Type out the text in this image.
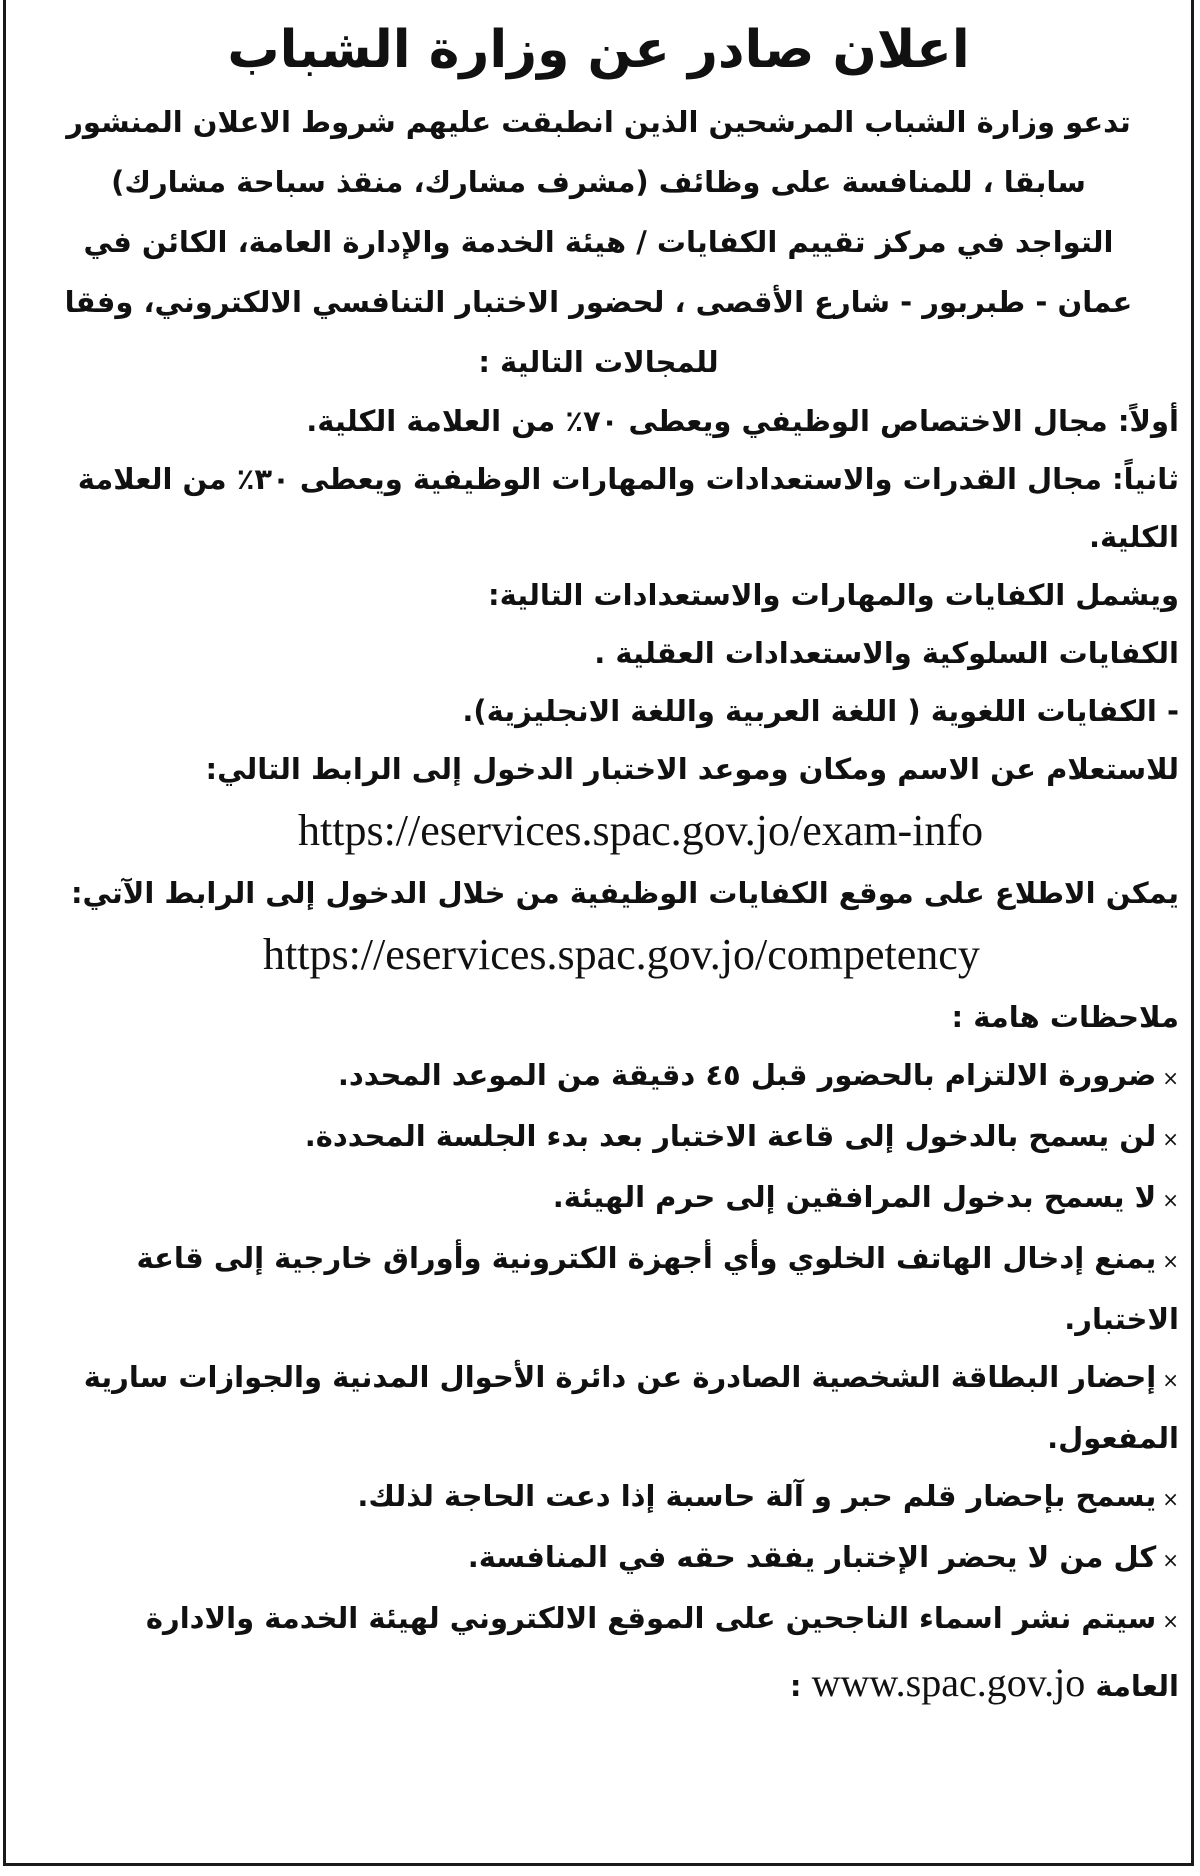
اعلان صادر عن وزارة الشباب
تدعو وزارة الشباب المرشحين الذين انطبقت عليهم شروط الاعلان المنشور
سابقا ، للمنافسة على وظائف (مشرف مشارك، منقذ سباحة مشارك)
التواجد في مركز تقييم الكفايات / هيئة الخدمة والإدارة العامة، الكائن في
عمان - طبربور - شارع الأقصى ، لحضور الاختبار التنافسي الالكتروني، وفقا
للمجالات التالية :

أولاً: مجال الاختصاص الوظيفي ويعطى ٧٠٪ من العلامة الكلية.

ثانياً: مجال القدرات والاستعدادات والمهارات الوظيفية ويعطى ٣٠٪ من العلامة الكلية.

ويشمل الكفايات والمهارات والاستعدادات التالية:

الكفايات السلوكية والاستعدادات العقلية .

- الكفايات اللغوية ( اللغة العربية واللغة الانجليزية).

للاستعلام عن الاسم ومكان وموعد الاختبار الدخول إلى الرابط التالي:

https://eservices.spac.gov.jo/exam-info

يمكن الاطلاع على موقع الكفايات الوظيفية من خلال الدخول إلى الرابط الآتي:

https://eservices.spac.gov.jo/competency

ملاحظات هامة :

×ضرورة الالتزام بالحضور قبل ٤٥ دقيقة من الموعد المحدد.

×لن يسمح بالدخول إلى قاعة الاختبار بعد بدء الجلسة المحددة.

×لا يسمح بدخول المرافقين إلى حرم الهيئة.

×يمنع إدخال الهاتف الخلوي وأي أجهزة الكترونية وأوراق خارجية إلى قاعة الاختبار.

×إحضار البطاقة الشخصية الصادرة عن دائرة الأحوال المدنية والجوازات سارية المفعول.

×يسمح بإحضار قلم حبر و آلة حاسبة إذا دعت الحاجة لذلك.

×كل من لا يحضر الإختبار يفقد حقه في المنافسة.

×سيتم نشر اسماء الناجحين على الموقع الالكتروني لهيئة الخدمة والادارة

العامة www.spac.gov.jo :
